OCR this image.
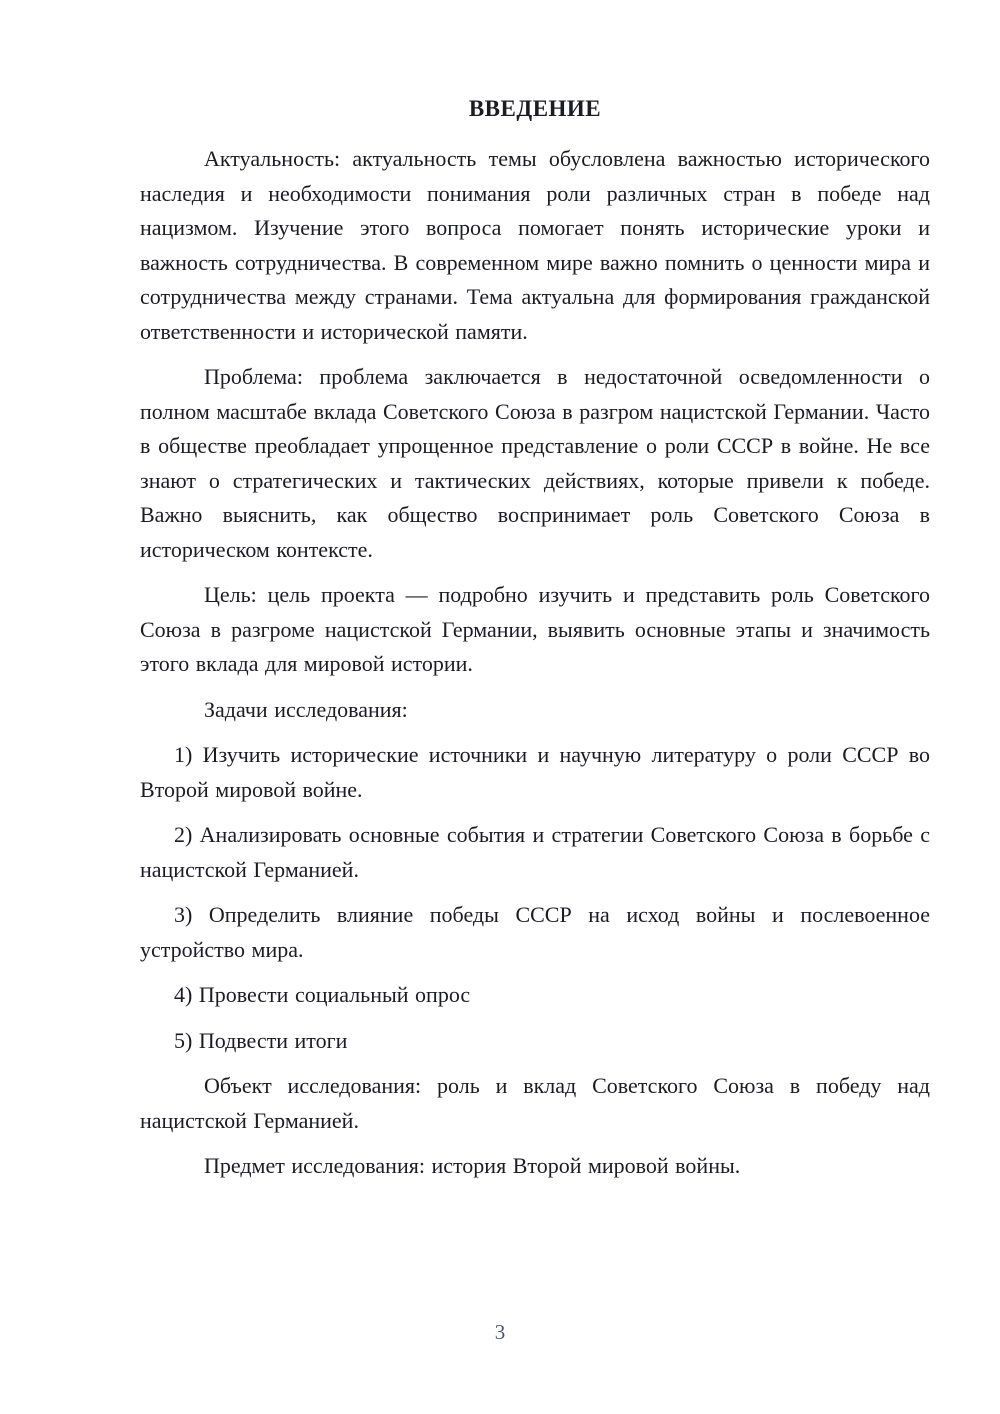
ВВЕДЕНИЕ

Актуальность: актуальность темы обусловлена важностью исторического наследия и необходимости понимания роли различных стран в победе над нацизмом. Изучение этого вопроса помогает понять исторические уроки и важность сотрудничества. В современном мире важно помнить о ценности мира и сотрудничества между странами. Тема актуальна для формирования гражданской ответственности и исторической памяти.

Проблема: проблема заключается в недостаточной осведомленности о полном масштабе вклада Советского Союза в разгром нацистской Германии. Часто в обществе преобладает упрощенное представление о роли СССР в войне. Не все знают о стратегических и тактических действиях, которые привели к победе. Важно выяснить, как общество воспринимает роль Советского Союза в историческом контексте.

Цель: цель проекта — подробно изучить и представить роль Советского Союза в разгроме нацистской Германии, выявить основные этапы и значимость этого вклада для мировой истории.

Задачи исследования:

1) Изучить исторические источники и научную литературу о роли СССР во Второй мировой войне.

2) Анализировать основные события и стратегии Советского Союза в борьбе с нацистской Германией.

3) Определить влияние победы СССР на исход войны и послевоенное устройство мира.

4) Провести социальный опрос

5) Подвести итоги

Объект исследования: роль и вклад Советского Союза в победу над нацистской Германией.

Предмет исследования: история Второй мировой войны.

3
